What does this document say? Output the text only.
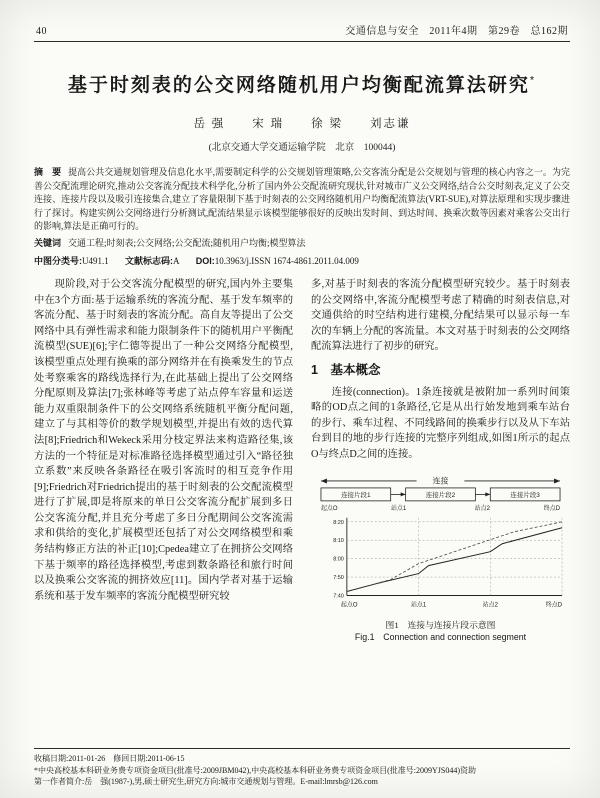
40	交通信息与安全　2011年4期　第29卷　总162期
基于时刻表的公交网络随机用户均衡配流算法研究*
岳 强　　宋 瑞　　徐 梁　　刘志谦
(北京交通大学交通运输学院　北京　100044)
摘　要 提高公共交通规划管理及信息化水平,需要制定科学的公交规划管理策略,公交客流分配是公交规划与管理的核心内容之一。为完善公交配流理论研究,推动公交客流分配技术科学化,分析了国内外公交配流研究现状,针对城市广义公交网络,结合公交时刻表,定义了公交连接、连接片段以及吸引连接集合,建立了容量限制下基于时刻表的公交网络随机用户均衡配流算法(VRT-SUE),对算法原理和实现步骤进行了探讨。构建实例公交网络进行分析测试,配流结果显示该模型能够很好的反映出发时间、到达时间、换乘次数等因素对乘客公交出行的影响,算法是正确可行的。
关键词 交通工程;时刻表;公交网络;公交配流;随机用户均衡;模型算法
中图分类号:U491.1 文献标志码:A DOI:10.3963/j.ISSN 1674-4861.2011.04.009

现阶段,对于公交客流分配模型的研究,国内外主要集中在3个方面:基于运输系统的客流分配、基于发车频率的客流分配、基于时刻表的客流分配。高自友等提出了公交网络中具有弹性需求和能力限制条件下的随机用户平衡配流模型(SUE)[6];宇仁德等提出了一种公交网络分配模型,该模型重点处理有换乘的部分网络并在有换乘发生的节点处考察乘客的路线选择行为,在此基础上提出了公交网络分配原则及算法[7];张林峰等考虑了站点停车容量和运送能力双重限制条件下的公交网络系统随机平衡分配问题,建立了与其相等价的数学规划模型,并提出有效的迭代算法[8];Friedrich和Wekeck采用分枝定界法来构造路径集,该方法的一个特征是对标准路径选择模型通过引入“路径独立系数”来反映各条路径在吸引客流时的相互竞争作用[9];Friedrich对Friedrich提出的基于时刻表的公交配流模型进行了扩展,即是将原来的单日公交客流分配扩展到多日公交客流分配,并且充分考虑了多日分配期间公交客流需求和供给的变化,扩展模型还包括了对公交网络模型和乘务结构修正方法的补正[10];Cpedea建立了在拥挤公交网络下基于频率的路径选择模型,考虑到数条路径和旅行时间以及换乘公交客流的拥挤效应[11]。国内学者对基于运输系统和基于发车频率的客流分配模型研究较

多,对基于时刻表的客流分配模型研究较少。基于时刻表的公交网络中,客流分配模型考虑了精确的时刻表信息,对交通供给的时空结构进行建模,分配结果可以显示每一车次的车辆上分配的客流量。本文对基于时刻表的公交网络配流算法进行了初步的研究。

1　基本概念

连接(connection)。1条连接就是被附加一系列时间策略的OD点之间的1条路径,它是从出行始发地到乘车站台的步行、乘车过程、不同线路间的换乘步行以及从下车站台到目的地的步行连接的完整序列组成,如图1所示的起点O与终点D之间的连接。

连接
连接片段1	连接片段2	连接片段3
起点O	站点1	站点2	终点D
8:20
8:10
8:00
7:50
7:40
起点O	站点1	站点2	终点D
图1　连接与连接片段示意图
Fig.1　Connection and connection segment
收稿日期:2011-01-26　修回日期:2011-06-15
*中央高校基本科研业务费专项资金项目(批准号:2009JBM042),中央高校基本科研业务费专项资金项目(批准号:2009YJS044)资助
第一作者简介:岳　强(1987-),男,硕士研究生,研究方向:城市交通规划与管理。E-mail:lmrsb@126.com
